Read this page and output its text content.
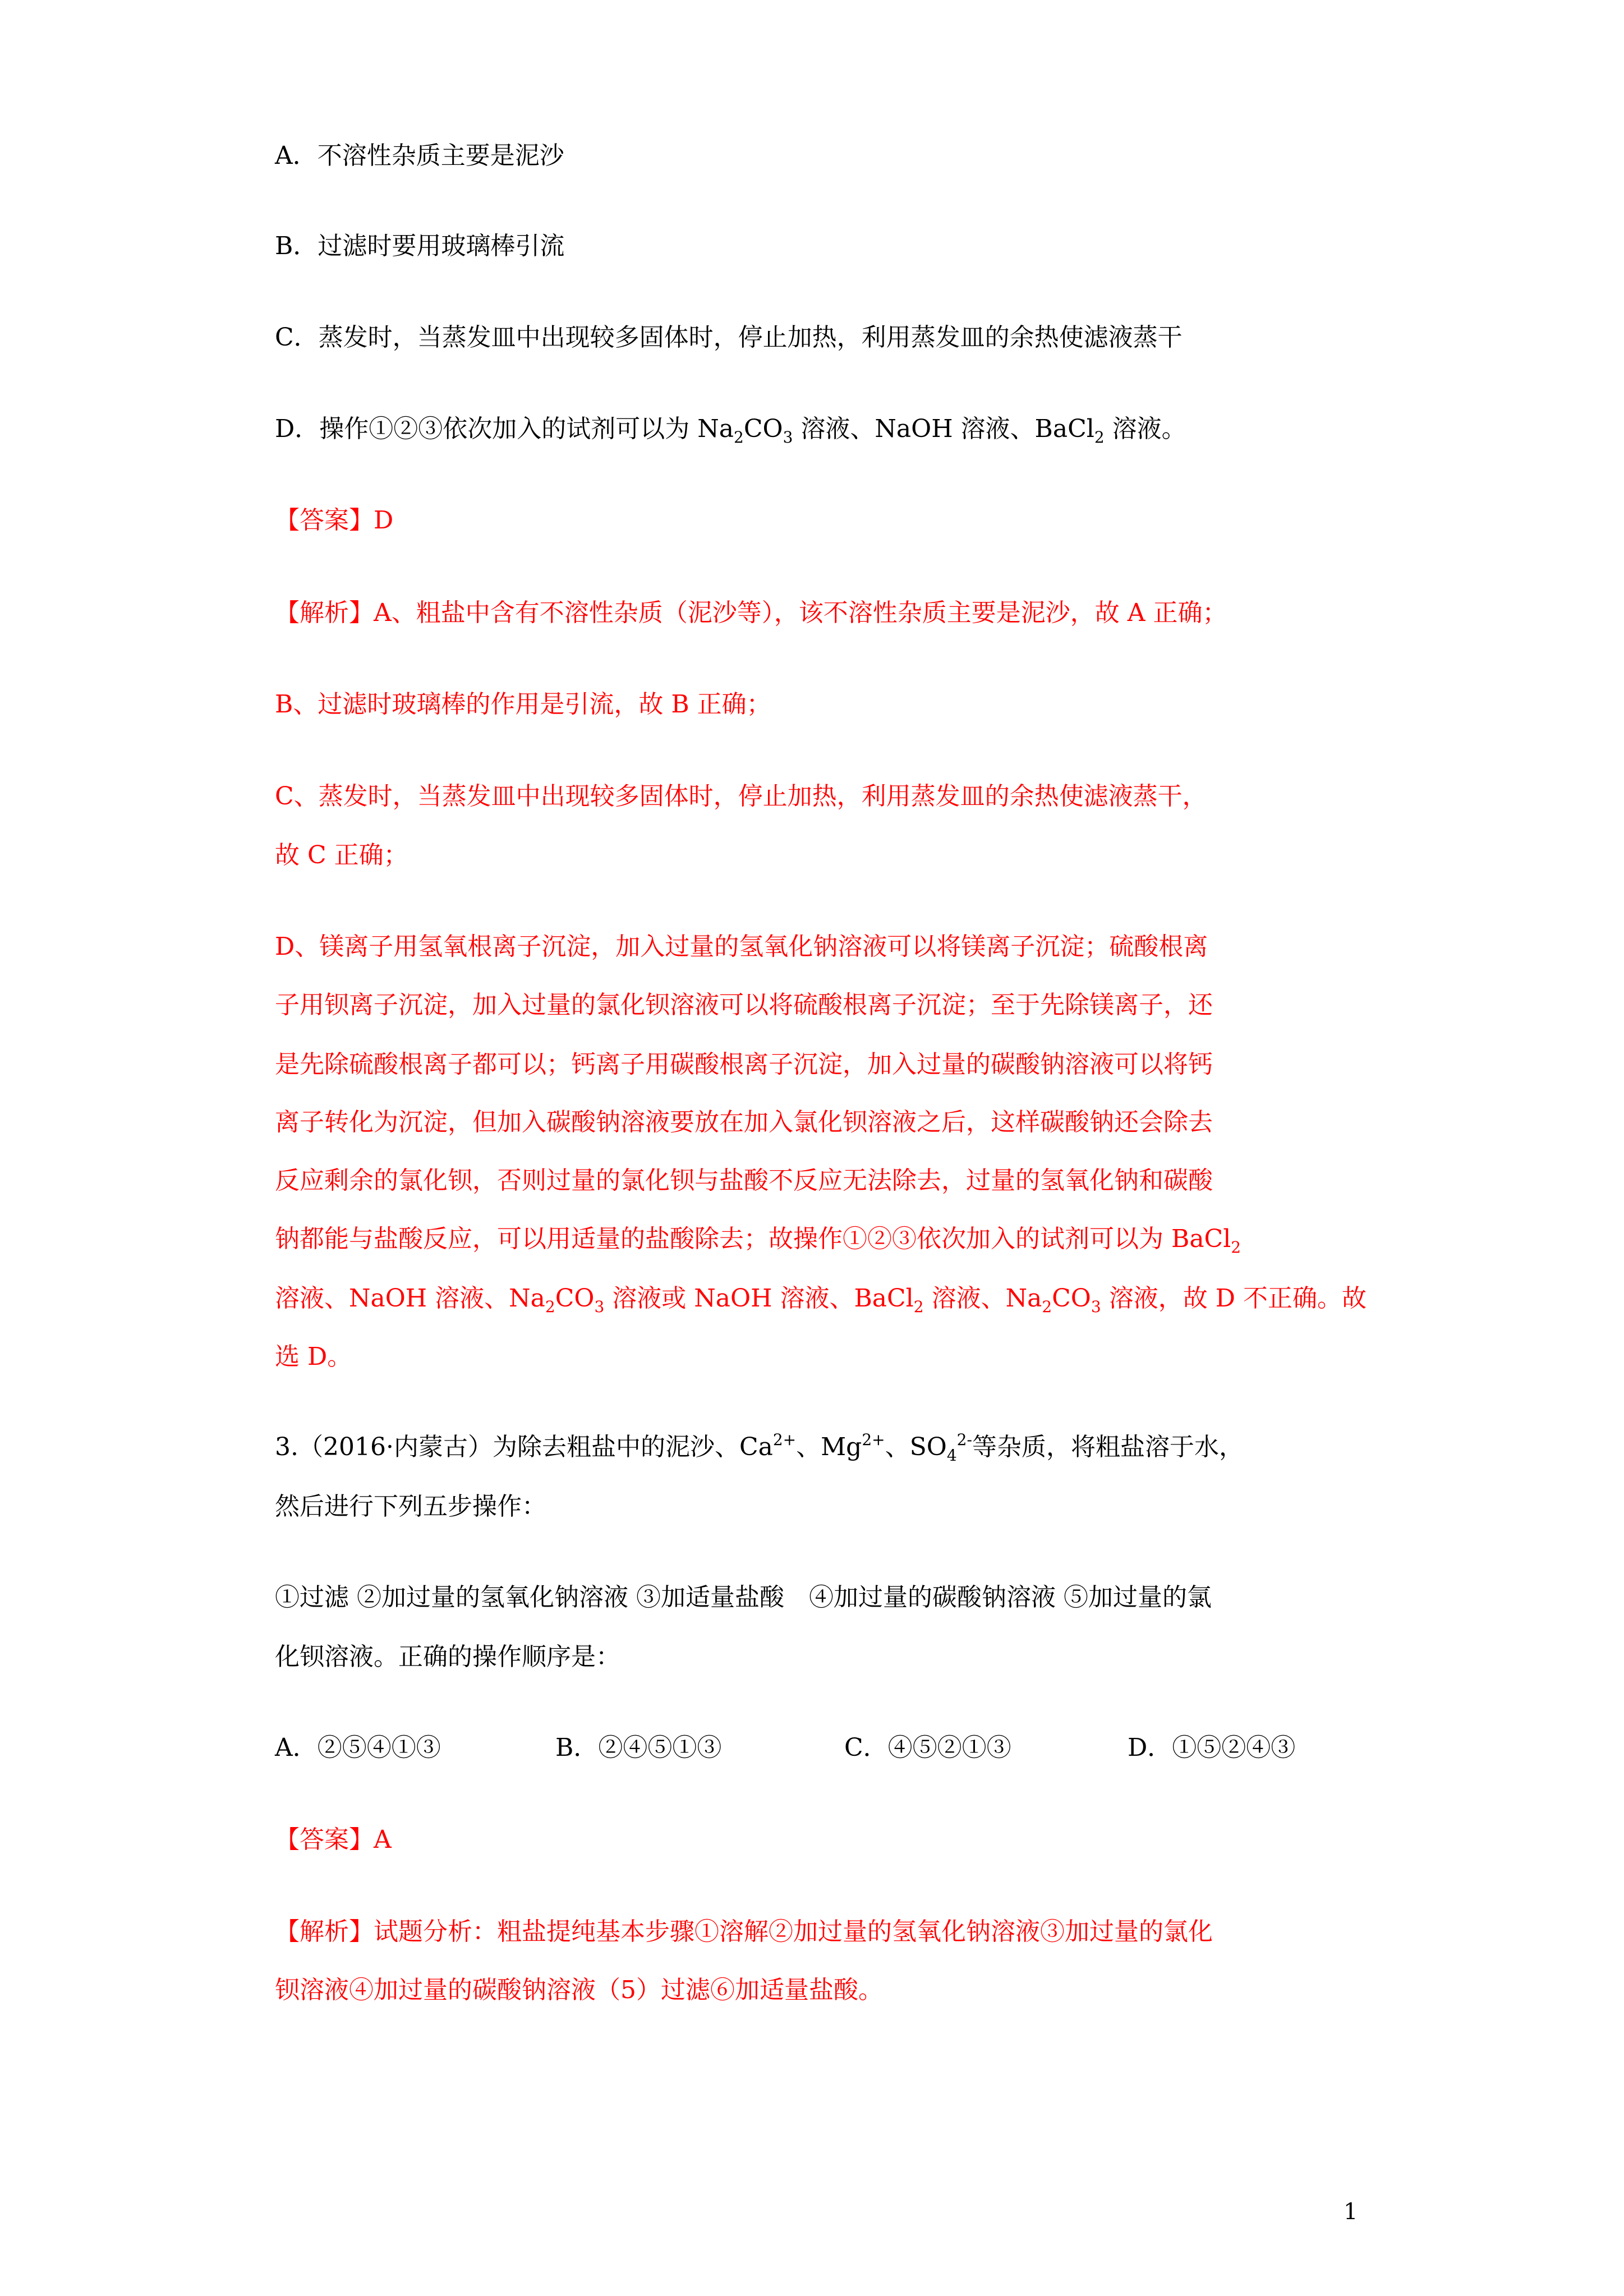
A．不溶性杂质主要是泥沙
B．过滤时要用玻璃棒引流
C．蒸发时，当蒸发皿中出现较多固体时，停止加热，利用蒸发皿的余热使滤液蒸干
D．操作①②③依次加入的试剂可以为 $Na_2CO_3$ 溶液、NaOH 溶液、BaCl$_2$ 溶液。
【答案】D
【解析】A、粗盐中含有不溶性杂质（泥沙等），该不溶性杂质主要是泥沙，故 A 正确；
B、过滤时玻璃棒的作用是引流，故 B 正确；
C、蒸发时，当蒸发皿中出现较多固体时，停止加热，利用蒸发皿的余热使滤液蒸干，
故 C 正确；
D、镁离子用氢氧根离子沉淀，加入过量的氢氧化钠溶液可以将镁离子沉淀；硫酸根离
子用钡离子沉淀，加入过量的氯化钡溶液可以将硫酸根离子沉淀；至于先除镁离子，还
是先除硫酸根离子都可以；钙离子用碳酸根离子沉淀，加入过量的碳酸钠溶液可以将钙
离子转化为沉淀，但加入碳酸钠溶液要放在加入氯化钡溶液之后，这样碳酸钠还会除去
反应剩余的氯化钡，否则过量的氯化钡与盐酸不反应无法除去，过量的氢氧化钠和碳酸
钠都能与盐酸反应，可以用适量的盐酸除去；故操作①②③依次加入的试剂可以为 BaCl$_2$
溶液、NaOH 溶液、$Na_2CO_3$ 溶液或 NaOH 溶液、BaCl$_2$ 溶液、$Na_2CO_3$ 溶液，故 D 不正确。故
选 D。
3.（2016·内蒙古）为除去粗盐中的泥沙、$Ca^{2+}$、$Mg^{2+}$、$SO_4^{2-}$等杂质，将粗盐溶于水，
然后进行下列五步操作：
①过滤 ②加过量的氢氧化钠溶液 ③加适量盐酸　④加过量的碳酸钠溶液 ⑤加过量的氯
化钡溶液。正确的操作顺序是：
A．②⑤④①③	B．②④⑤①③	C．④⑤②①③	D．①⑤②④③
【答案】A
【解析】试题分析：粗盐提纯基本步骤①溶解②加过量的氢氧化钠溶液③加过量的氯化
钡溶液④加过量的碳酸钠溶液（5）过滤⑥加适量盐酸。
1
